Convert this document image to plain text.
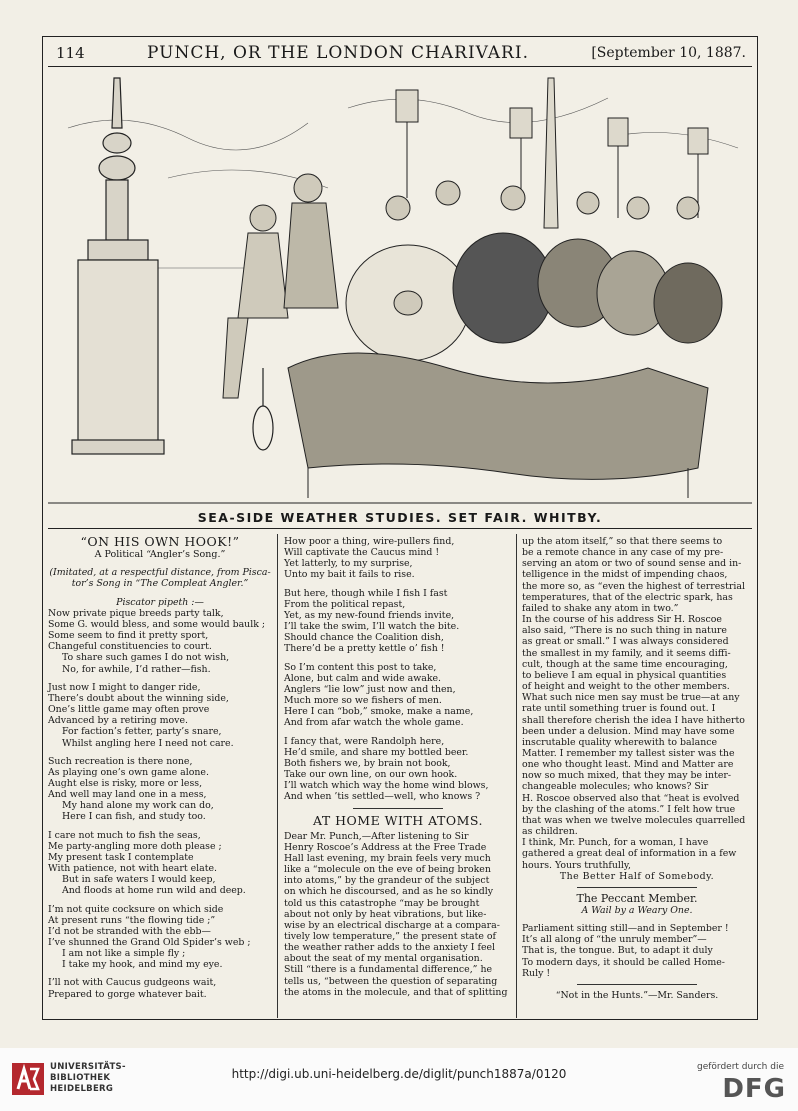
114	PUNCH, OR THE LONDON CHARIVARI.	[September 10, 1887.
SEA-SIDE WEATHER STUDIES. SET FAIR. WHITBY.

“ON HIS OWN HOOK!”

A Political “Angler’s Song.”

(Imitated, at a respectful distance, from Pisca-

tor’s Song in “The Compleat Angler.”

Piscator pipeth :—

Now private pique breeds party talk,

Some G. would bless, and some would baulk ;

Some seem to find it pretty sport,

Changeful constituencies to court.

To share such games I do not wish,

No, for awhile, I’d rather—fish.

Just now I might to danger ride,

There’s doubt about the winning side,

One’s little game may often prove

Advanced by a retiring move.

For faction’s fetter, party’s snare,

Whilst angling here I need not care.

Such recreation is there none,

As playing one’s own game alone.

Aught else is risky, more or less,

And well may land one in a mess,

My hand alone my work can do,

Here I can fish, and study too.

I care not much to fish the seas,

Me party-angling more doth please ;

My present task I contemplate

With patience, not with heart elate.

But in safe waters I would keep,

And floods at home run wild and deep.

I’m not quite cocksure on which side

At present runs “the flowing tide ;”

I’d not be stranded with the ebb—

I’ve shunned the Grand Old Spider’s web ;

I am not like a simple fly ;

I take my hook, and mind my eye.

I’ll not with Caucus gudgeons wait,

Prepared to gorge whatever bait.

How poor a thing, wire-pullers find,

Will captivate the Caucus mind !

Yet latterly, to my surprise,

Unto my bait it fails to rise.

But here, though while I fish I fast

From the political repast,

Yet, as my new-found friends invite,

I’ll take the swim, I’ll watch the bite.

Should chance the Coalition dish,

There’d be a pretty kettle o’ fish !

So I’m content this post to take,

Alone, but calm and wide awake.

Anglers “lie low” just now and then,

Much more so we fishers of men.

Here I can “bob,” smoke, make a name,

And from afar watch the whole game.

I fancy that, were Randolph here,

He’d smile, and share my bottled beer.

Both fishers we, by brain not book,

Take our own line, on our own hook.

I’ll watch which way the home wind blows,

And when ’tis settled—well, who knows ?

AT HOME WITH ATOMS.

Dear Mr. Punch,—After listening to Sir

Henry Roscoe’s Address at the Free Trade

Hall last evening, my brain feels very much

like a “molecule on the eve of being broken

into atoms,” by the grandeur of the subject

on which he discoursed, and as he so kindly

told us this catastrophe “may be brought

about not only by heat vibrations, but like-

wise by an electrical discharge at a compara-

tively low temperature,” the present state of

the weather rather adds to the anxiety I feel

about the seat of my mental organisation.

Still “there is a fundamental difference,” he

tells us, “between the question of separating

the atoms in the molecule, and that of splitting

up the atom itself,” so that there seems to

be a remote chance in any case of my pre-

serving an atom or two of sound sense and in-

telligence in the midst of impending chaos,

the more so, as “even the highest of terrestrial

temperatures, that of the electric spark, has

failed to shake any atom in two.”

In the course of his address Sir H. Roscoe

also said, “There is no such thing in nature

as great or small.” I was always considered

the smallest in my family, and it seems diffi-

cult, though at the same time encouraging,

to believe I am equal in physical quantities

of height and weight to the other members.

What such nice men say must be true—at any

rate until something truer is found out. I

shall therefore cherish the idea I have hitherto

been under a delusion. Mind may have some

inscrutable quality wherewith to balance

Matter. I remember my tallest sister was the

one who thought least. Mind and Matter are

now so much mixed, that they may be inter-

changeable molecules; who knows? Sir

H. Roscoe observed also that “heat is evolved

by the clashing of the atoms.” I felt how true

that was when we twelve molecules quarrelled

as children.

I think, Mr. Punch, for a woman, I have

gathered a great deal of information in a few

hours. Yours truthfully,

The Better Half of Somebody.

The Peccant Member.

A Wail by a Weary One.

Parliament sitting still—and in September !

It’s all along of “the unruly member”—

That is, the tongue. But, to adapt it duly

To modern days, it should be called Home-

Ruly !

“Not in the Hunts.”—Mr. Sanders.

UNIVERSITÄTS-
BIBLIOTHEK
HEIDELBERG
http://digi.ub.uni-heidelberg.de/diglit/punch1887a/0120	gefördert durch die
DFG
